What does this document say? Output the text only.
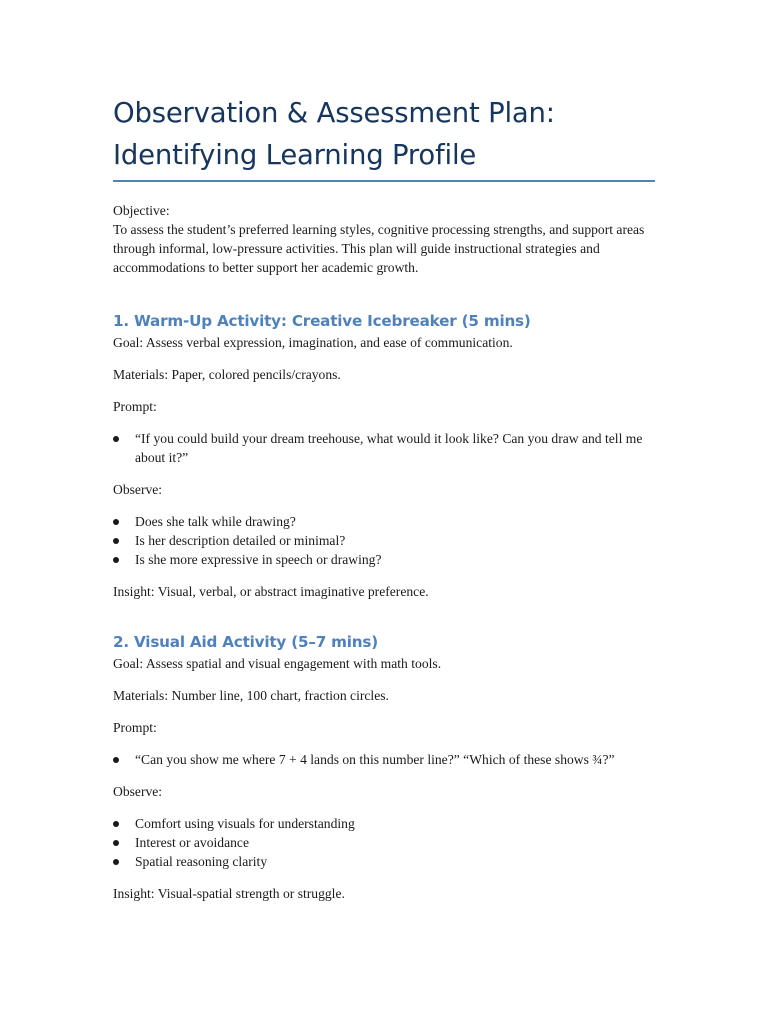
Observation & Assessment Plan:
Identifying Learning Profile

Objective:

To assess the student’s preferred learning styles, cognitive processing strengths, and support areas through informal, low-pressure activities. This plan will guide instructional strategies and accommodations to better support her academic growth.

1. Warm-Up Activity: Creative Icebreaker (5 mins)

Goal: Assess verbal expression, imagination, and ease of communication.

Materials: Paper, colored pencils/crayons.

Prompt:

“If you could build your dream treehouse, what would it look like? Can you draw and tell me about it?”

Observe:

Does she talk while drawing?
Is her description detailed or minimal?
Is she more expressive in speech or drawing?

Insight: Visual, verbal, or abstract imaginative preference.

2. Visual Aid Activity (5–7 mins)

Goal: Assess spatial and visual engagement with math tools.

Materials: Number line, 100 chart, fraction circles.

Prompt:

“Can you show me where 7 + 4 lands on this number line?” “Which of these shows ¾?”

Observe:

Comfort using visuals for understanding
Interest or avoidance
Spatial reasoning clarity

Insight: Visual-spatial strength or struggle.
